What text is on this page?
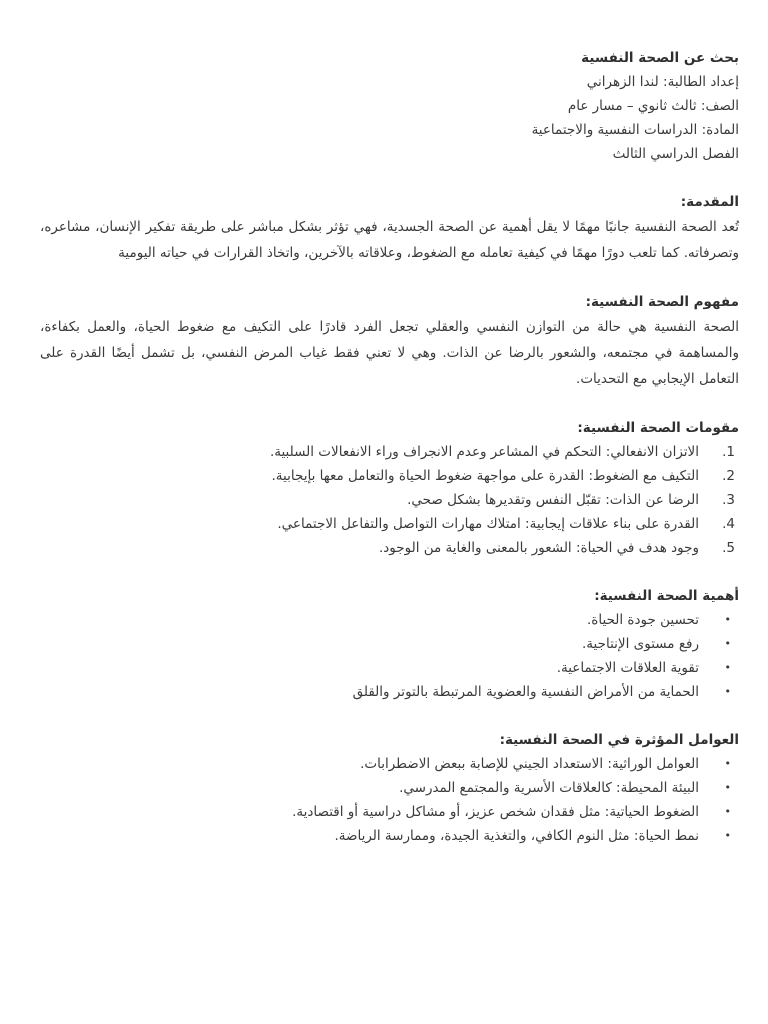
بحث عن الصحة النفسية
إعداد الطالبة: لندا الزهراني
الصف: ثالث ثانوي – مسار عام
المادة: الدراسات النفسية والاجتماعية
الفصل الدراسي الثالث
المقدمة:
تُعد الصحة النفسية جانبًا مهمًا لا يقل أهمية عن الصحة الجسدية، فهي تؤثر بشكل مباشر على طريقة تفكير الإنسان، مشاعره، وتصرفاته. كما تلعب دورًا مهمًا في كيفية تعامله مع الضغوط، وعلاقاته بالآخرين، واتخاذ القرارات في حياته اليومية
مفهوم الصحة النفسية:
الصحة النفسية هي حالة من التوازن النفسي والعقلي تجعل الفرد قادرًا على التكيف مع ضغوط الحياة، والعمل بكفاءة، والمساهمة في مجتمعه، والشعور بالرضا عن الذات. وهي لا تعني فقط غياب المرض النفسي، بل تشمل أيضًا القدرة على التعامل الإيجابي مع التحديات.
مقومات الصحة النفسية:
1.
الاتزان الانفعالي: التحكم في المشاعر وعدم الانجراف وراء الانفعالات السلبية.
2.
التكيف مع الضغوط: القدرة على مواجهة ضغوط الحياة والتعامل معها بإيجابية.
3.
الرضا عن الذات: تقبّل النفس وتقديرها بشكل صحي.
4.
القدرة على بناء علاقات إيجابية: امتلاك مهارات التواصل والتفاعل الاجتماعي.
5.
وجود هدف في الحياة: الشعور بالمعنى والغاية من الوجود.
أهمية الصحة النفسية:
•
تحسين جودة الحياة.
•
رفع مستوى الإنتاجية.
•
تقوية العلاقات الاجتماعية.
•
الحماية من الأمراض النفسية والعضوية المرتبطة بالتوتر والقلق
العوامل المؤثرة في الصحة النفسية:
•
العوامل الوراثية: الاستعداد الجيني للإصابة ببعض الاضطرابات.
•
البيئة المحيطة: كالعلاقات الأسرية والمجتمع المدرسي.
•
الضغوط الحياتية: مثل فقدان شخص عزيز، أو مشاكل دراسية أو اقتصادية.
•
نمط الحياة: مثل النوم الكافي، والتغذية الجيدة، وممارسة الرياضة.
